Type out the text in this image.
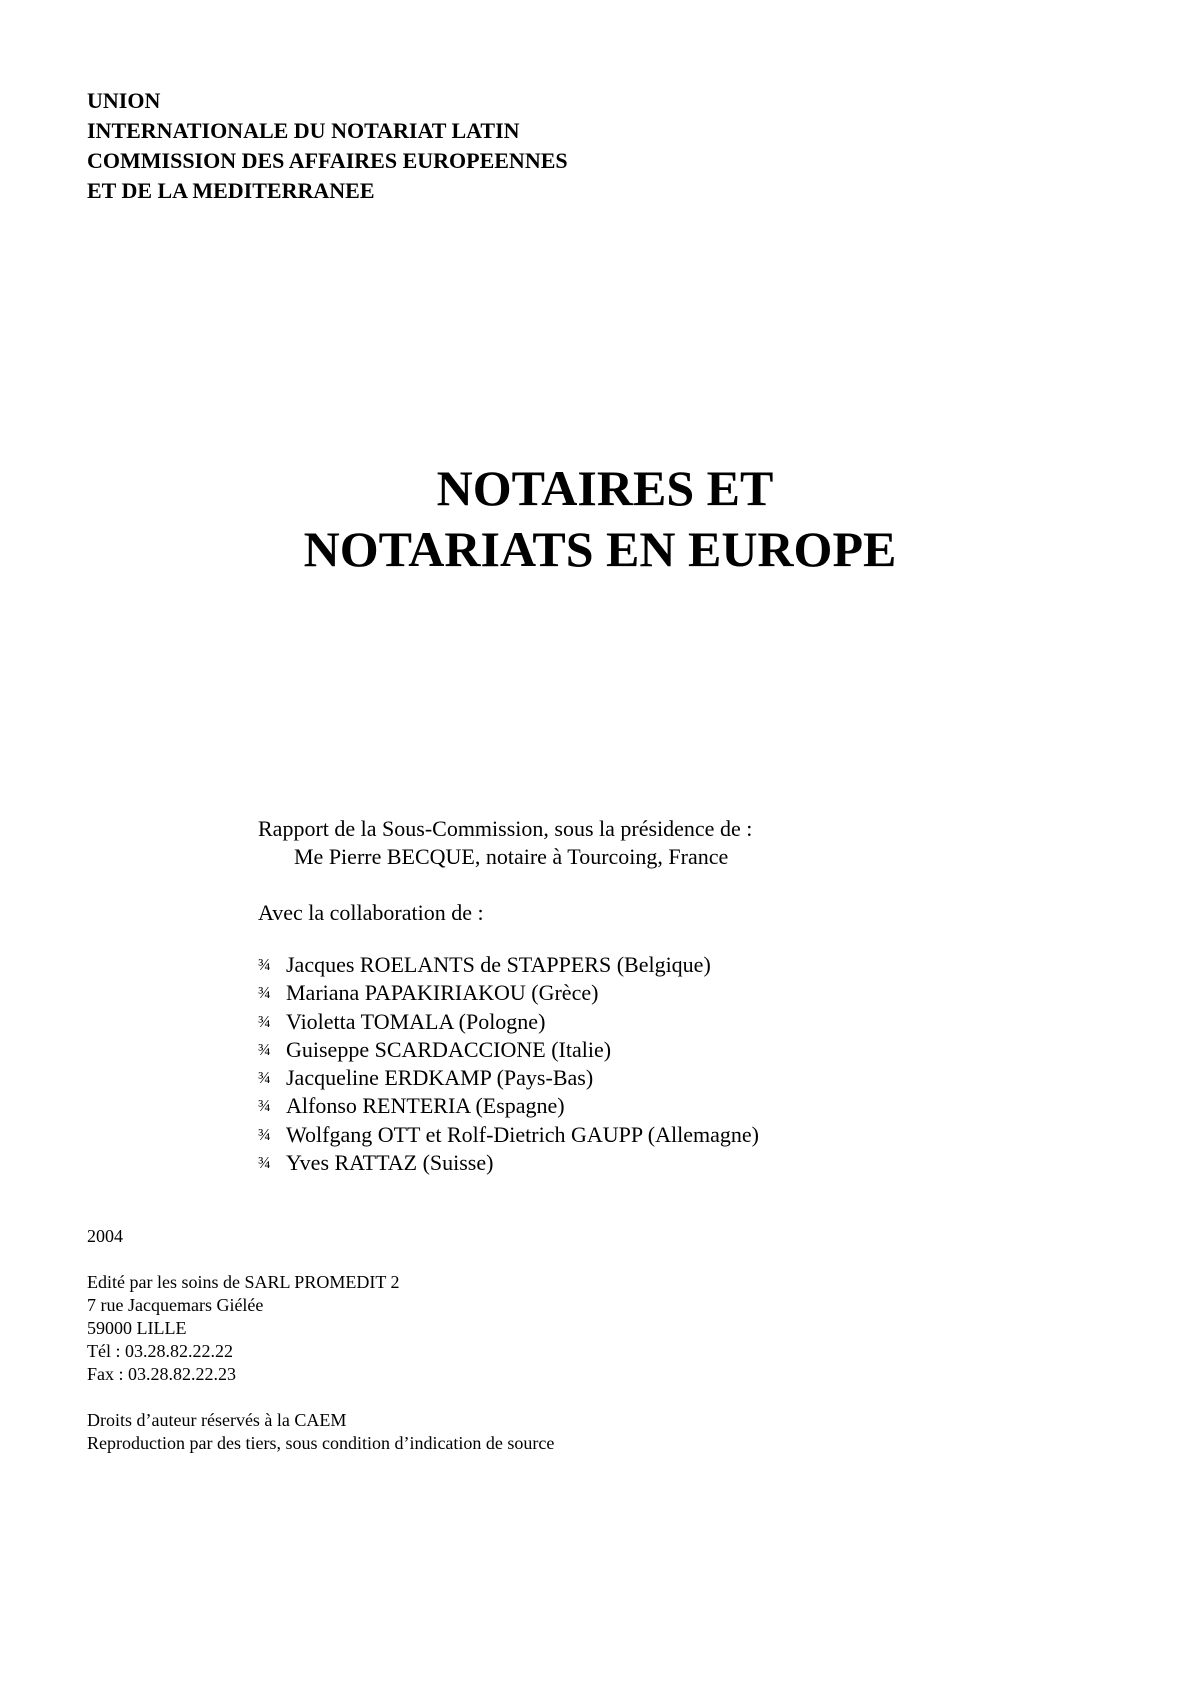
UNION
INTERNATIONALE DU NOTARIAT LATIN
COMMISSION DES AFFAIRES EUROPEENNES
ET DE LA MEDITERRANEE
NOTAIRES ET
NOTARIATS EN EUROPE
Rapport de la Sous-Commission, sous la présidence de :
Me Pierre BECQUE, notaire à Tourcoing, France
Avec la collaboration de :
¾ Jacques ROELANTS de STAPPERS (Belgique)
¾ Mariana PAPAKIRIAKOU (Grèce)
¾ Violetta TOMALA (Pologne)
¾ Guiseppe SCARDACCIONE (Italie)
¾ Jacqueline ERDKAMP (Pays-Bas)
¾ Alfonso RENTERIA (Espagne)
¾ Wolfgang OTT et Rolf-Dietrich GAUPP (Allemagne)
¾ Yves RATTAZ (Suisse)
2004
Edité par les soins de SARL PROMEDIT 2
7 rue Jacquemars Giélée
59000 LILLE
Tél : 03.28.82.22.22
Fax : 03.28.82.22.23
Droits d’auteur réservés à la CAEM
Reproduction par des tiers, sous condition d’indication de source
